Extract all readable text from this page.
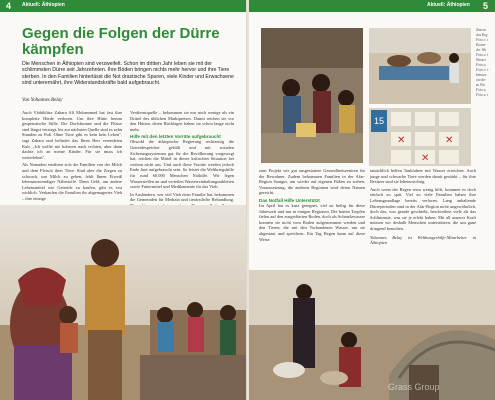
4 Aktuell: Äthiopien
Gegen die Folgen der Dürre kämpfen

Die Menschen in Äthiopien sind verzweifelt. Schon im dritten Jahr leben sie mit der schlimmsten Dürre seit Jahrzehnten. Ihre Böden bringen nichts mehr hervor und ihre Tiere sterben. In den Familien hinterlässt die Not drastische Spuren, viele Kinder und Erwachsene sind unterernährt, ihre Widerstandskräfte bald aufgebraucht.

Von Yohannes Belay
Auch Väthiklitra Zahara Ali Mohammed hat fast ihre komplette Herde verloren. Um ihre Hütte herum gespenstische Stille. Die Dorfsbrunne und die Flüsse sind längst versiegt, bis zur nächsten Quelle sind es zehn Stunden zu Fuß. Ohne Tiere gibt es kein kein Leben", sagt Zahara und befindet das Ihren Herr verendeten Kuh. „Ich wollte nie hoheren nach rechten, aber dann dachte ich an meine Kinder. Für sie muss ich weiterleben".
Als Nomaden ernähren sich die Familien von der Milch und dem Fleisch ihrer Tiere. Sind aber die Ziegen zu schwach, um Milch zu geben, fehlt Ihnen Eiweiß lebensnotwendiger Nährstoffe. Denn Geld, um andere Lebensmittel wie Getreide zu kaufen, gibt es erst wirklich. Verkaufen die Familien ihr abgemagertes Vieh – ihre einzige
Verdienstquelle – bekommen sie nur noch wenige als ein Drittel des üblichen Marktpreises. Damit reichen sie vor den Hütten, deren Rücklagen haben sie schon lange nicht mehr.
Hilfe mit den letzten Vorräte aufgebraucht
Obwohl die äthiopische Regierung rechtzeitig die Getreidespeicher gefüllt und mit sozialen Sicherungssystemen gut für die Bevölkerung vorgesorgt hat, reichen die Mittel in dieser kritischen Situation bei weitem nicht aus. Und auch diese Vorräte werden jedoch Ende Juni aufgebraucht sein. So leistet die Weltkriegshilfe für rund 60.000 Menschen Nothilfe. Wir legen Wasserstellen an und verteilen Wasserreinhaltungstabletten sowie Futtermittel und Medikamente für das Vieh.
In Ausländern, wer viel Vieh einer Familie hat, bekommen die Gemeinden für Medizin und tierärztliche Behandlung.
Aktuell: Äthiopien 5
15
✕	✕
✕
Zistern
das Reg
Foto o. t
Konstr
der Wa
Foto u. t
Wasser
Foto u.
Foto o. r
können
wieder
zu Ein
Foto u.
Foto u. t
zum Projekt wie gut ausgestattete Gesundheitszentren für die Bewohner. Zudem bekommen Familien in der Afar-Region Saatgut, um wieder auf eigenen Füßen zu stehen. Voraussetzung, die anderen Regionen wird deren Namen gereicht.
Das Notfall Hilfe Unterstützt
Im April hat es kurz geregnet, viel zu heftig für diese Jahreszeit und nur in einigen Regionen. Die harten Tropfen fielen auf den ausgedörrten Boden, doch als Schmelzwasser konnten sie nicht vom Boden aufgenommen werden und den Tieren, die mit den Vorhandenen Wasser, um sie abgestaut und speichern. Ein Tag Regen kann auf diese Weise
tatsächlich helfen Tankfahrer mit Wasser erreichen. Auch junge und schwache Tiere werden damit gestärkt – für ihre Besitzer sind sie lebenswichtig.
Auch wenn der Regen etwa wenig hilft, kommen es doch einfach zu spät. Viel zu viele Familien haben ihre Lebensgrundlage bereits verloren. Lang anhaltende Dürreperioden sind in der Afar-Region nicht ungewöhnlich, doch das, was gerade geschieht, beschreiben viele als das Schlimmste, was sie je erlebt haben. Mit all unserer Kraft müssen wir deshalb Menschen unterstützen, die um ganz dringend brauchen.
Yohannes Belay ist Welthungerhilfe-Mitarbeiter in Äthiopien
Grass Group
